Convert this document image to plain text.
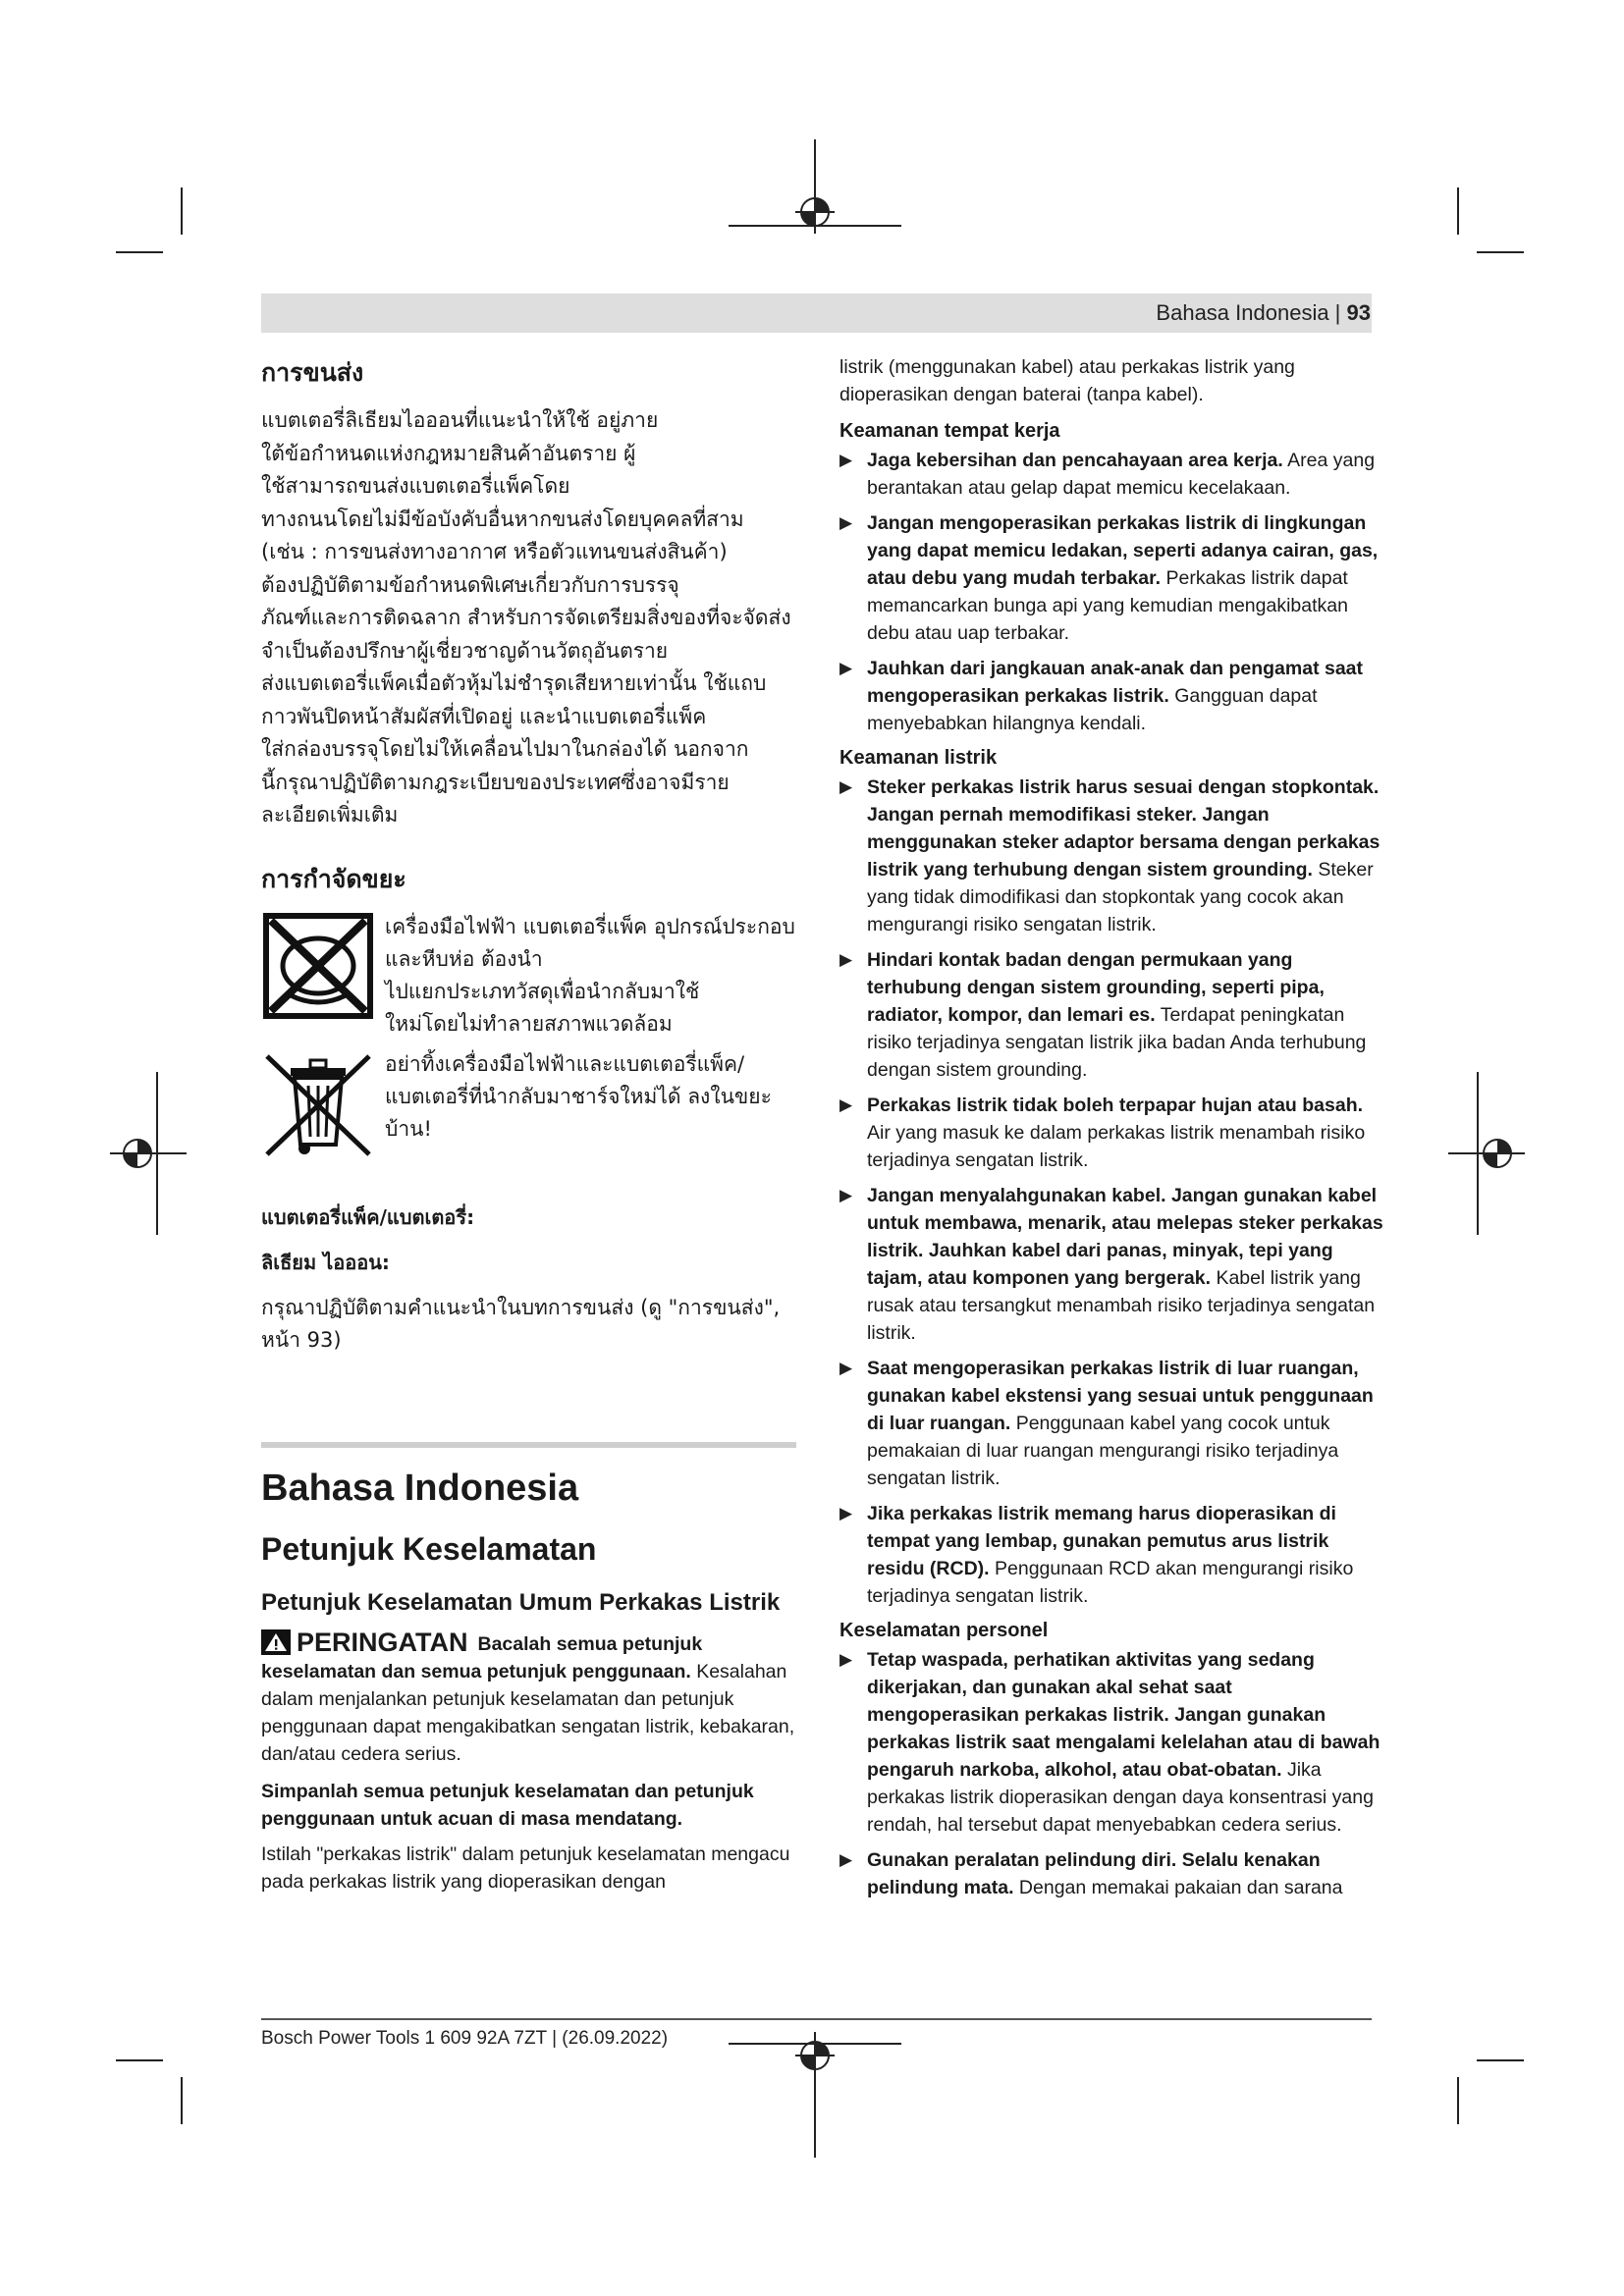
Bahasa Indonesia | 93
การขนส่ง

แบตเตอรี่ลิเธียมไอออนที่แนะนำให้ใช้ อยู่ภาย

ใต้ข้อกำหนดแห่งกฎหมายสินค้าอันตราย ผู้

ใช้สามารถขนส่งแบตเตอรี่แพ็คโดย

ทางถนนโดยไม่มีข้อบังคับอื่นหากขนส่งโดยบุคคลที่สาม

(เช่น : การขนส่งทางอากาศ หรือตัวแทนขนส่งสินค้า)

ต้องปฏิบัติตามข้อกำหนดพิเศษเกี่ยวกับการบรรจุ

ภัณฑ์และการติดฉลาก สำหรับการจัดเตรียมสิ่งของที่จะจัดส่ง

จำเป็นต้องปรึกษาผู้เชี่ยวชาญด้านวัตถุอันตราย

ส่งแบตเตอรี่แพ็คเมื่อตัวหุ้มไม่ชำรุดเสียหายเท่านั้น ใช้แถบ

กาวพันปิดหน้าสัมผัสที่เปิดอยู่ และนำแบตเตอรี่แพ็ค

ใส่กล่องบรรจุโดยไม่ให้เคลื่อนไปมาในกล่องได้ นอกจาก

นี้กรุณาปฏิบัติตามกฎระเบียบของประเทศซึ่งอาจมีราย

ละเอียดเพิ่มเติม

การกำจัดขยะ
เครื่องมือไฟฟ้า แบตเตอรี่แพ็ค อุปกรณ์ประกอบ
และหีบห่อ ต้องนำ
ไปแยกประเภทวัสดุเพื่อนำกลับมาใช้
ใหม่โดยไม่ทำลายสภาพแวดล้อม
อย่าทิ้งเครื่องมือไฟฟ้าและแบตเตอรี่แพ็ค/
แบตเตอรี่ที่นำกลับมาชาร์จใหม่ได้ ลงในขยะ
บ้าน!
แบตเตอรี่แพ็ค/แบตเตอรี่:
ลิเธียม ไอออน:

กรุณาปฏิบัติตามคำแนะนำในบทการขนส่ง (ดู "การขนส่ง", หน้า 93)

Bahasa Indonesia
Petunjuk Keselamatan
Petunjuk Keselamatan Umum Perkakas Listrik
PERINGATAN Bacalah semua petunjuk keselamatan dan semua petunjuk penggunaan. Kesalahan dalam menjalankan petunjuk keselamatan dan petunjuk penggunaan dapat mengakibatkan sengatan listrik, kebakaran, dan/atau cedera serius.

Simpanlah semua petunjuk keselamatan dan petunjuk penggunaan untuk acuan di masa mendatang.

Istilah "perkakas listrik" dalam petunjuk keselamatan mengacu pada perkakas listrik yang dioperasikan dengan

listrik (menggunakan kabel) atau perkakas listrik yang dioperasikan dengan baterai (tanpa kabel).

Keamanan tempat kerja
▶ Jaga kebersihan dan pencahayaan area kerja. Area yang berantakan atau gelap dapat memicu kecelakaan.
▶ Jangan mengoperasikan perkakas listrik di lingkungan yang dapat memicu ledakan, seperti adanya cairan, gas, atau debu yang mudah terbakar. Perkakas listrik dapat memancarkan bunga api yang kemudian mengakibatkan debu atau uap terbakar.
▶ Jauhkan dari jangkauan anak-anak dan pengamat saat mengoperasikan perkakas listrik. Gangguan dapat menyebabkan hilangnya kendali.
Keamanan listrik
▶ Steker perkakas listrik harus sesuai dengan stopkontak. Jangan pernah memodifikasi steker. Jangan menggunakan steker adaptor bersama dengan perkakas listrik yang terhubung dengan sistem grounding. Steker yang tidak dimodifikasi dan stopkontak yang cocok akan mengurangi risiko sengatan listrik.
▶ Hindari kontak badan dengan permukaan yang terhubung dengan sistem grounding, seperti pipa, radiator, kompor, dan lemari es. Terdapat peningkatan risiko terjadinya sengatan listrik jika badan Anda terhubung dengan sistem grounding.
▶ Perkakas listrik tidak boleh terpapar hujan atau basah. Air yang masuk ke dalam perkakas listrik menambah risiko terjadinya sengatan listrik.
▶ Jangan menyalahgunakan kabel. Jangan gunakan kabel untuk membawa, menarik, atau melepas steker perkakas listrik. Jauhkan kabel dari panas, minyak, tepi yang tajam, atau komponen yang bergerak. Kabel listrik yang rusak atau tersangkut menambah risiko terjadinya sengatan listrik.
▶ Saat mengoperasikan perkakas listrik di luar ruangan, gunakan kabel ekstensi yang sesuai untuk penggunaan di luar ruangan. Penggunaan kabel yang cocok untuk pemakaian di luar ruangan mengurangi risiko terjadinya sengatan listrik.
▶ Jika perkakas listrik memang harus dioperasikan di tempat yang lembap, gunakan pemutus arus listrik residu (RCD). Penggunaan RCD akan mengurangi risiko terjadinya sengatan listrik.
Keselamatan personel
▶ Tetap waspada, perhatikan aktivitas yang sedang dikerjakan, dan gunakan akal sehat saat mengoperasikan perkakas listrik. Jangan gunakan perkakas listrik saat mengalami kelelahan atau di bawah pengaruh narkoba, alkohol, atau obat-obatan. Jika perkakas listrik dioperasikan dengan daya konsentrasi yang rendah, hal tersebut dapat menyebabkan cedera serius.
▶ Gunakan peralatan pelindung diri. Selalu kenakan pelindung mata. Dengan memakai pakaian dan sarana
Bosch Power Tools 1 609 92A 7ZT | (26.09.2022)
